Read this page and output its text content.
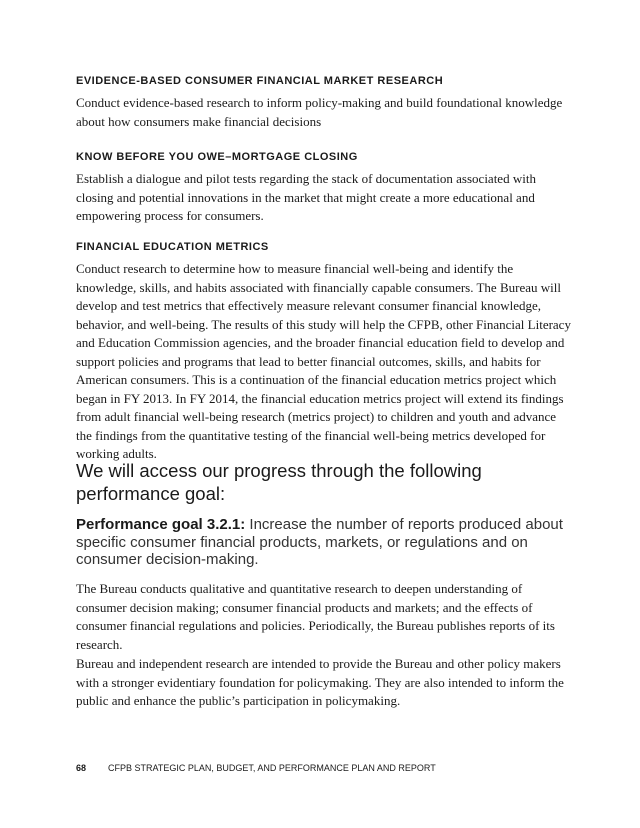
EVIDENCE-BASED CONSUMER FINANCIAL MARKET RESEARCH
Conduct evidence-based research to inform policy-making and build foundational knowledge about how consumers make financial decisions
KNOW BEFORE YOU OWE–MORTGAGE CLOSING
Establish a dialogue and pilot tests regarding the stack of documentation associated with closing and potential innovations in the market that might create a more educational and empowering process for consumers.
FINANCIAL EDUCATION METRICS
Conduct research to determine how to measure financial well-being and identify the knowledge, skills, and habits associated with financially capable consumers. The Bureau will develop and test metrics that effectively measure relevant consumer financial knowledge, behavior, and well-being. The results of this study will help the CFPB, other Financial Literacy and Education Commission agencies, and the broader financial education field to develop and support policies and programs that lead to better financial outcomes, skills, and habits for American consumers. This is a continuation of the financial education metrics project which began in FY 2013. In FY 2014, the financial education metrics project will extend its findings from adult financial well-being research (metrics project) to children and youth and advance the findings from the quantitative testing of the financial well-being metrics developed for working adults.
We will access our progress through the following performance goal:
Performance goal 3.2.1: Increase the number of reports produced about specific consumer financial products, markets, or regulations and on consumer decision-making.
The Bureau conducts qualitative and quantitative research to deepen understanding of consumer decision making; consumer financial products and markets; and the effects of consumer financial regulations and policies. Periodically, the Bureau publishes reports of its research.
Bureau and independent research are intended to provide the Bureau and other policy makers with a stronger evidentiary foundation for policymaking. They are also intended to inform the public and enhance the public’s participation in policymaking.
68 CFPB STRATEGIC PLAN, BUDGET, AND PERFORMANCE PLAN AND REPORT
